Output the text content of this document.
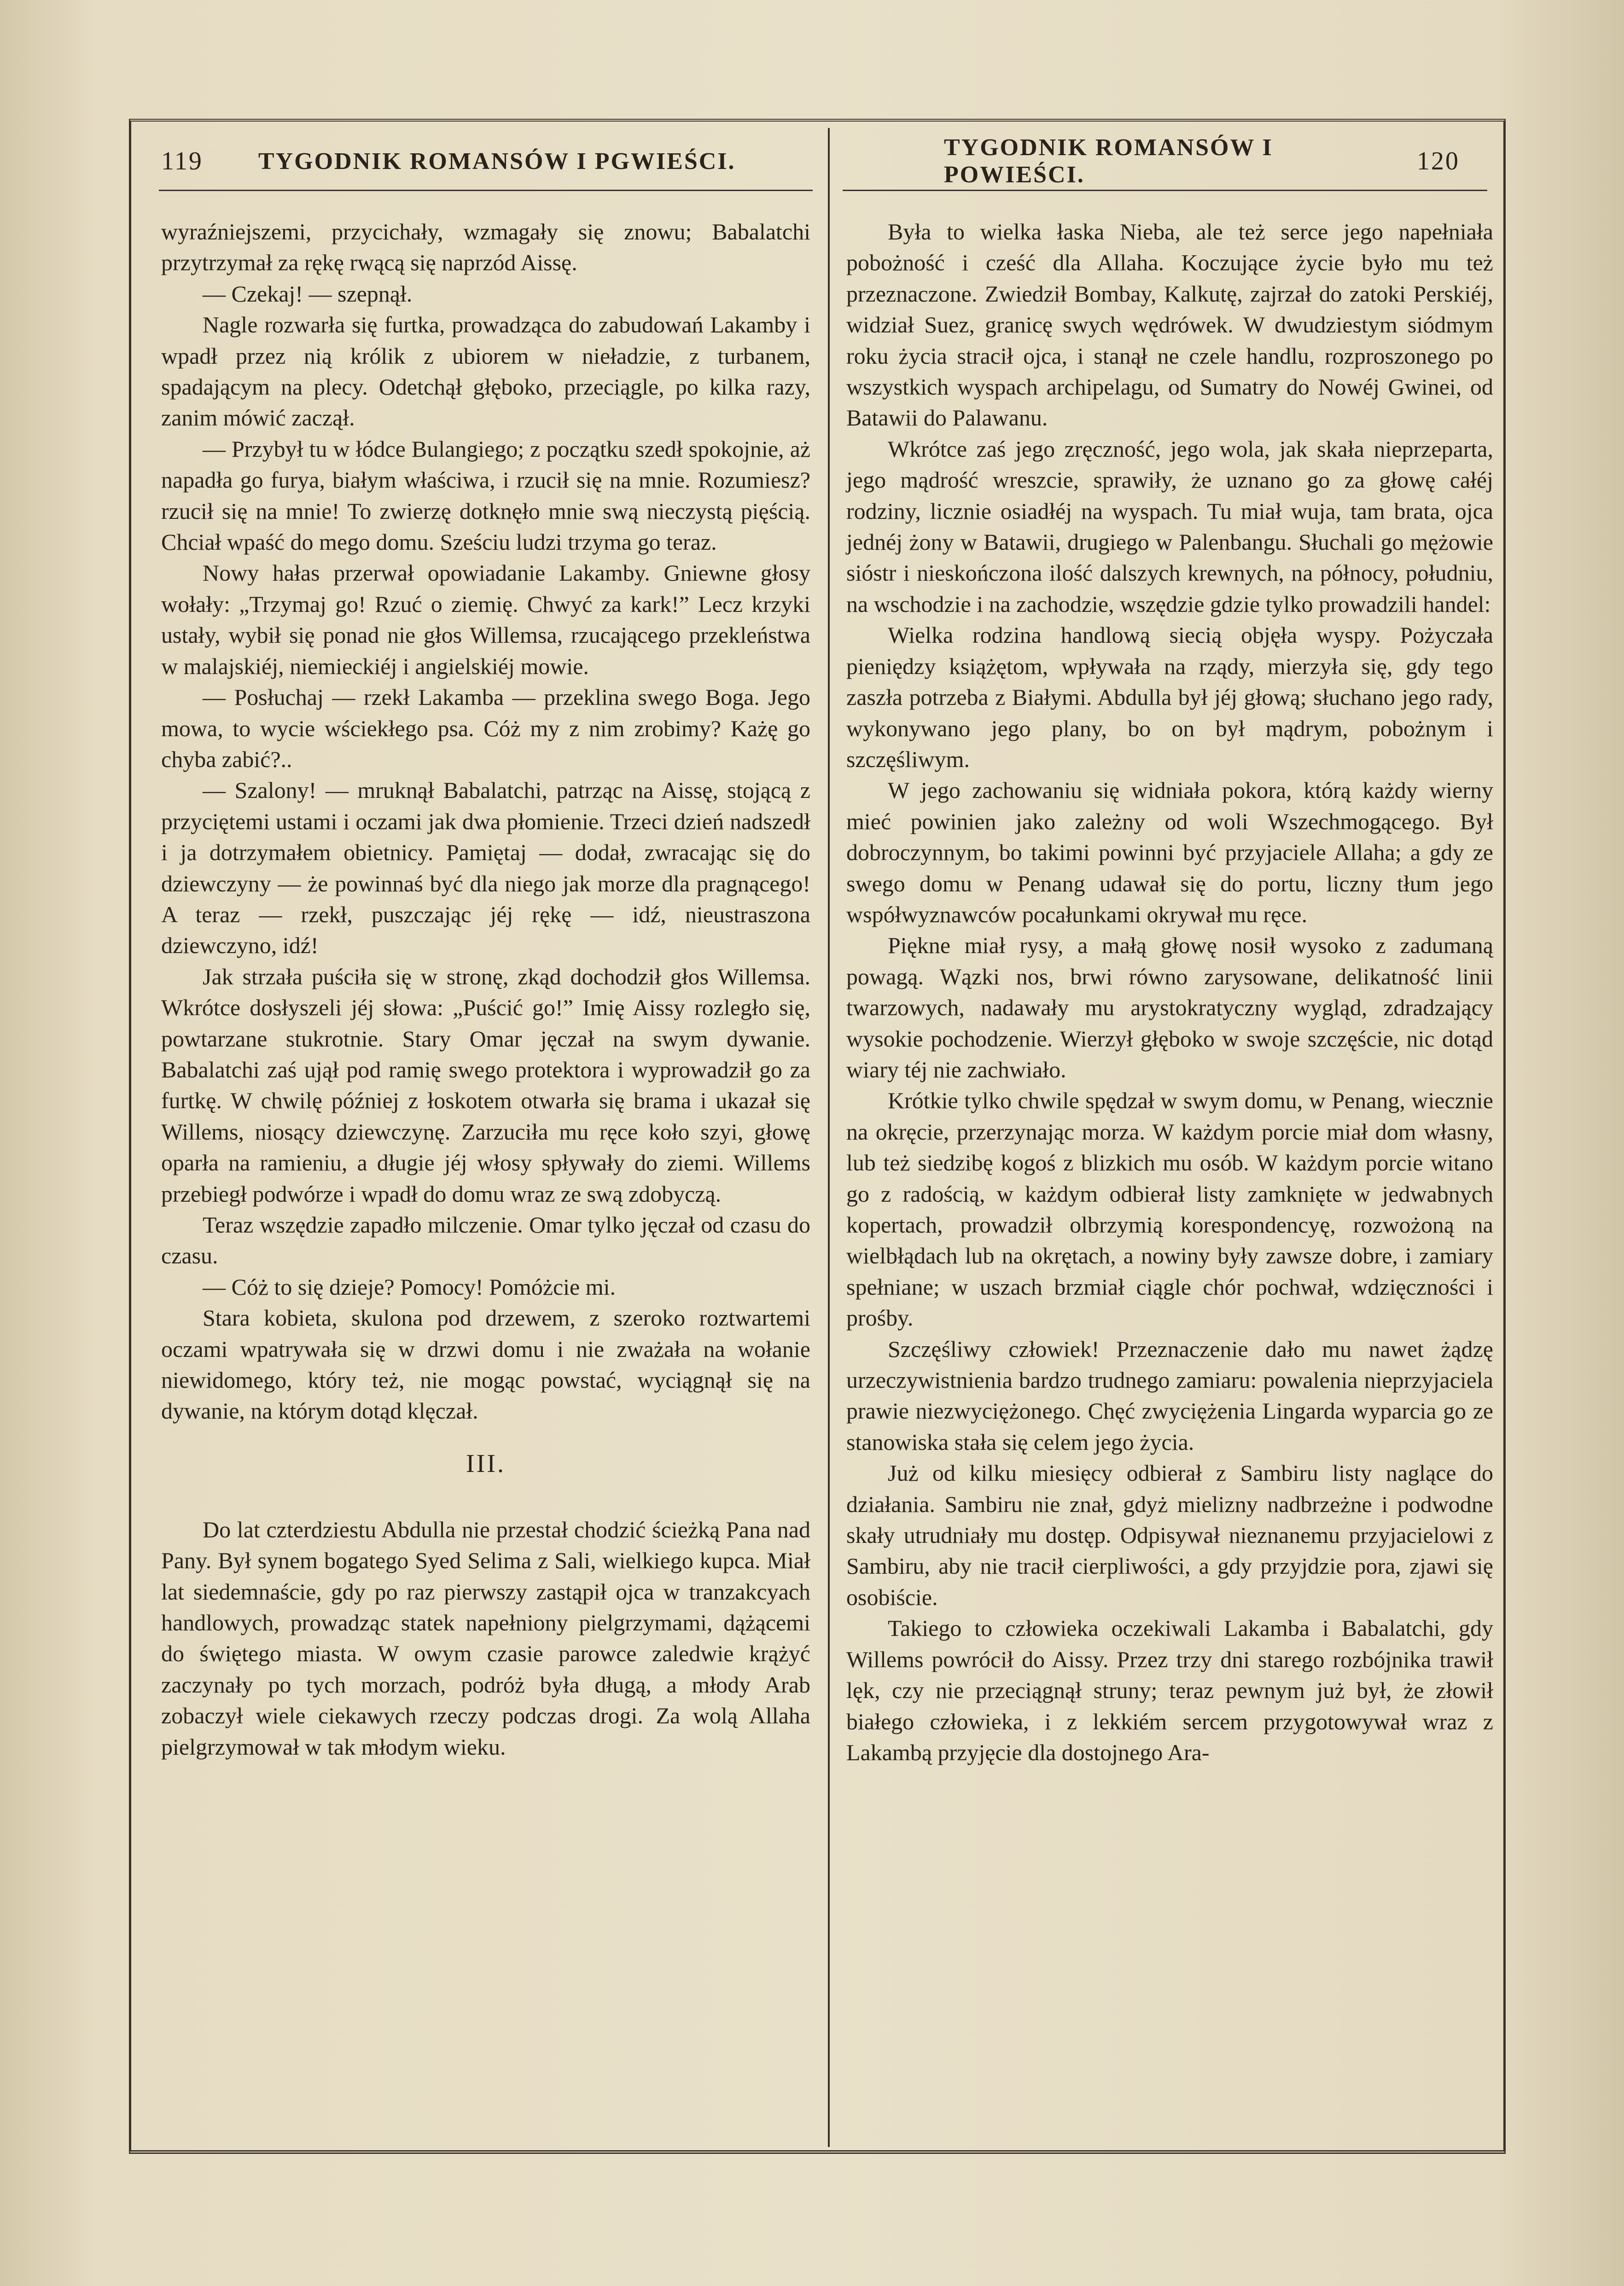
119 TYGODNIK ROMANSÓW I PGWIEŚCI.
TYGODNIK ROMANSÓW I POWIEŚCI.	120

wyraźniejszemi, przycichały, wzmagały się znowu; Babalatchi przytrzymał za rękę rwącą się naprzód Aissę.

— Czekaj! — szepnął.

Nagle rozwarła się furtka, prowadząca do zabudowań Lakamby i wpadł przez nią królik z ubiorem w nieładzie, z turbanem, spadającym na plecy. Odetchął głęboko, przeciągle, po kilka razy, zanim mówić zaczął.

— Przybył tu w łódce Bulangiego; z początku szedł spokojnie, aż napadła go furya, białym właściwa, i rzucił się na mnie. Rozumiesz? rzucił się na mnie! To zwierzę dotknęło mnie swą nieczystą pięścią. Chciał wpaść do mego domu. Sześciu ludzi trzyma go teraz.

Nowy hałas przerwał opowiadanie Lakamby. Gniewne głosy wołały: „Trzymaj go! Rzuć o ziemię. Chwyć za kark!” Lecz krzyki ustały, wybił się ponad nie głos Willemsa, rzucającego przekleństwa w malajskiéj, niemieckiéj i angielskiéj mowie.

— Posłuchaj — rzekł Lakamba — przeklina swego Boga. Jego mowa, to wycie wściekłego psa. Cóż my z nim zrobimy? Każę go chyba zabić?..

— Szalony! — mruknął Babalatchi, patrząc na Aissę, stojącą z przyciętemi ustami i oczami jak dwa płomienie. Trzeci dzień nadszedł i ja dotrzymałem obietnicy. Pamiętaj — dodał, zwracając się do dziewczyny — że powinnaś być dla niego jak morze dla pragnącego! A teraz — rzekł, puszczając jéj rękę — idź, nieustraszona dziewczyno, idź!

Jak strzała puściła się w stronę, zkąd dochodził głos Willemsa. Wkrótce dosłyszeli jéj słowa: „Puścić go!” Imię Aissy rozległo się, powtarzane stukrotnie. Stary Omar jęczał na swym dywanie. Babalatchi zaś ujął pod ramię swego protektora i wyprowadził go za furtkę. W chwilę później z łoskotem otwarła się brama i ukazał się Willems, niosący dziewczynę. Zarzuciła mu ręce koło szyi, głowę oparła na ramieniu, a długie jéj włosy spływały do ziemi. Willems przebiegł podwórze i wpadł do domu wraz ze swą zdobyczą.

Teraz wszędzie zapadło milczenie. Omar tylko jęczał od czasu do czasu.

— Cóż to się dzieje? Pomocy! Pomóżcie mi.

Stara kobieta, skulona pod drzewem, z szeroko roztwartemi oczami wpatrywała się w drzwi domu i nie zważała na wołanie niewidomego, który też, nie mogąc powstać, wyciągnął się na dywanie, na którym dotąd klęczał.

III.

Do lat czterdziestu Abdulla nie przestał chodzić ścieżką Pana nad Pany. Był synem bogatego Syed Selima z Sali, wielkiego kupca. Miał lat siedemnaście, gdy po raz pierwszy zastąpił ojca w tranzakcyach handlowych, prowadząc statek napełniony pielgrzymami, dążącemi do świętego miasta. W owym czasie parowce zaledwie krążyć zaczynały po tych morzach, podróż była długą, a młody Arab zobaczył wiele ciekawych rzeczy podczas drogi. Za wolą Allaha pielgrzymował w tak młodym wieku.

Była to wielka łaska Nieba, ale też serce jego napełniała pobożność i cześć dla Allaha. Koczujące życie było mu też przeznaczone. Zwiedził Bombay, Kalkutę, zajrzał do zatoki Perskiéj, widział Suez, granicę swych wędrówek. W dwudziestym siódmym roku życia stracił ojca, i stanął ne czele handlu, rozproszonego po wszystkich wyspach archipelagu, od Sumatry do Nowéj Gwinei, od Batawii do Palawanu.

Wkrótce zaś jego zręczność, jego wola, jak skała nieprzeparta, jego mądrość wreszcie, sprawiły, że uznano go za głowę całéj rodziny, licznie osiadłéj na wyspach. Tu miał wuja, tam brata, ojca jednéj żony w Batawii, drugiego w Palenbangu. Słuchali go mężowie sióstr i nieskończona ilość dalszych krewnych, na północy, południu, na wschodzie i na zachodzie, wszędzie gdzie tylko prowadzili handel:

Wielka rodzina handlową siecią objęła wyspy. Pożyczała pieniędzy książętom, wpływała na rządy, mierzyła się, gdy tego zaszła potrzeba z Białymi. Abdulla był jéj głową; słuchano jego rady, wykonywano jego plany, bo on był mądrym, pobożnym i szczęśliwym.

W jego zachowaniu się widniała pokora, którą każdy wierny mieć powinien jako zależny od woli Wszechmogącego. Był dobroczynnym, bo takimi powinni być przyjaciele Allaha; a gdy ze swego domu w Penang udawał się do portu, liczny tłum jego współwyznawców pocałunkami okrywał mu ręce.

Piękne miał rysy, a małą głowę nosił wysoko z zadumaną powagą. Wązki nos, brwi równo zarysowane, delikatność linii twarzowych, nadawały mu arystokratyczny wygląd, zdradzający wysokie pochodzenie. Wierzył głęboko w swoje szczęście, nic dotąd wiary téj nie zachwiało.

Krótkie tylko chwile spędzał w swym domu, w Penang, wiecznie na okręcie, przerzynając morza. W każdym porcie miał dom własny, lub też siedzibę kogoś z blizkich mu osób. W każdym porcie witano go z radością, w każdym odbierał listy zamknięte w jedwabnych kopertach, prowadził olbrzymią korespondencyę, rozwożoną na wielbłądach lub na okrętach, a nowiny były zawsze dobre, i zamiary spełniane; w uszach brzmiał ciągle chór pochwał, wdzięczności i prośby.

Szczęśliwy człowiek! Przeznaczenie dało mu nawet żądzę urzeczywistnienia bardzo trudnego zamiaru: powalenia nieprzyjaciela prawie niezwyciężonego. Chęć zwyciężenia Lingarda wyparcia go ze stanowiska stała się celem jego życia.

Już od kilku miesięcy odbierał z Sambiru listy naglące do działania. Sambiru nie znał, gdyż mielizny nadbrzeżne i podwodne skały utrudniały mu dostęp. Odpisywał nieznanemu przyjacielowi z Sambiru, aby nie tracił cierpliwości, a gdy przyjdzie pora, zjawi się osobiście.

Takiego to człowieka oczekiwali Lakamba i Babalatchi, gdy Willems powrócił do Aissy. Przez trzy dni starego rozbójnika trawił lęk, czy nie przeciągnął struny; teraz pewnym już był, że złowił białego człowieka, i z lekkiém sercem przygotowywał wraz z Lakambą przyjęcie dla dostojnego Ara-
